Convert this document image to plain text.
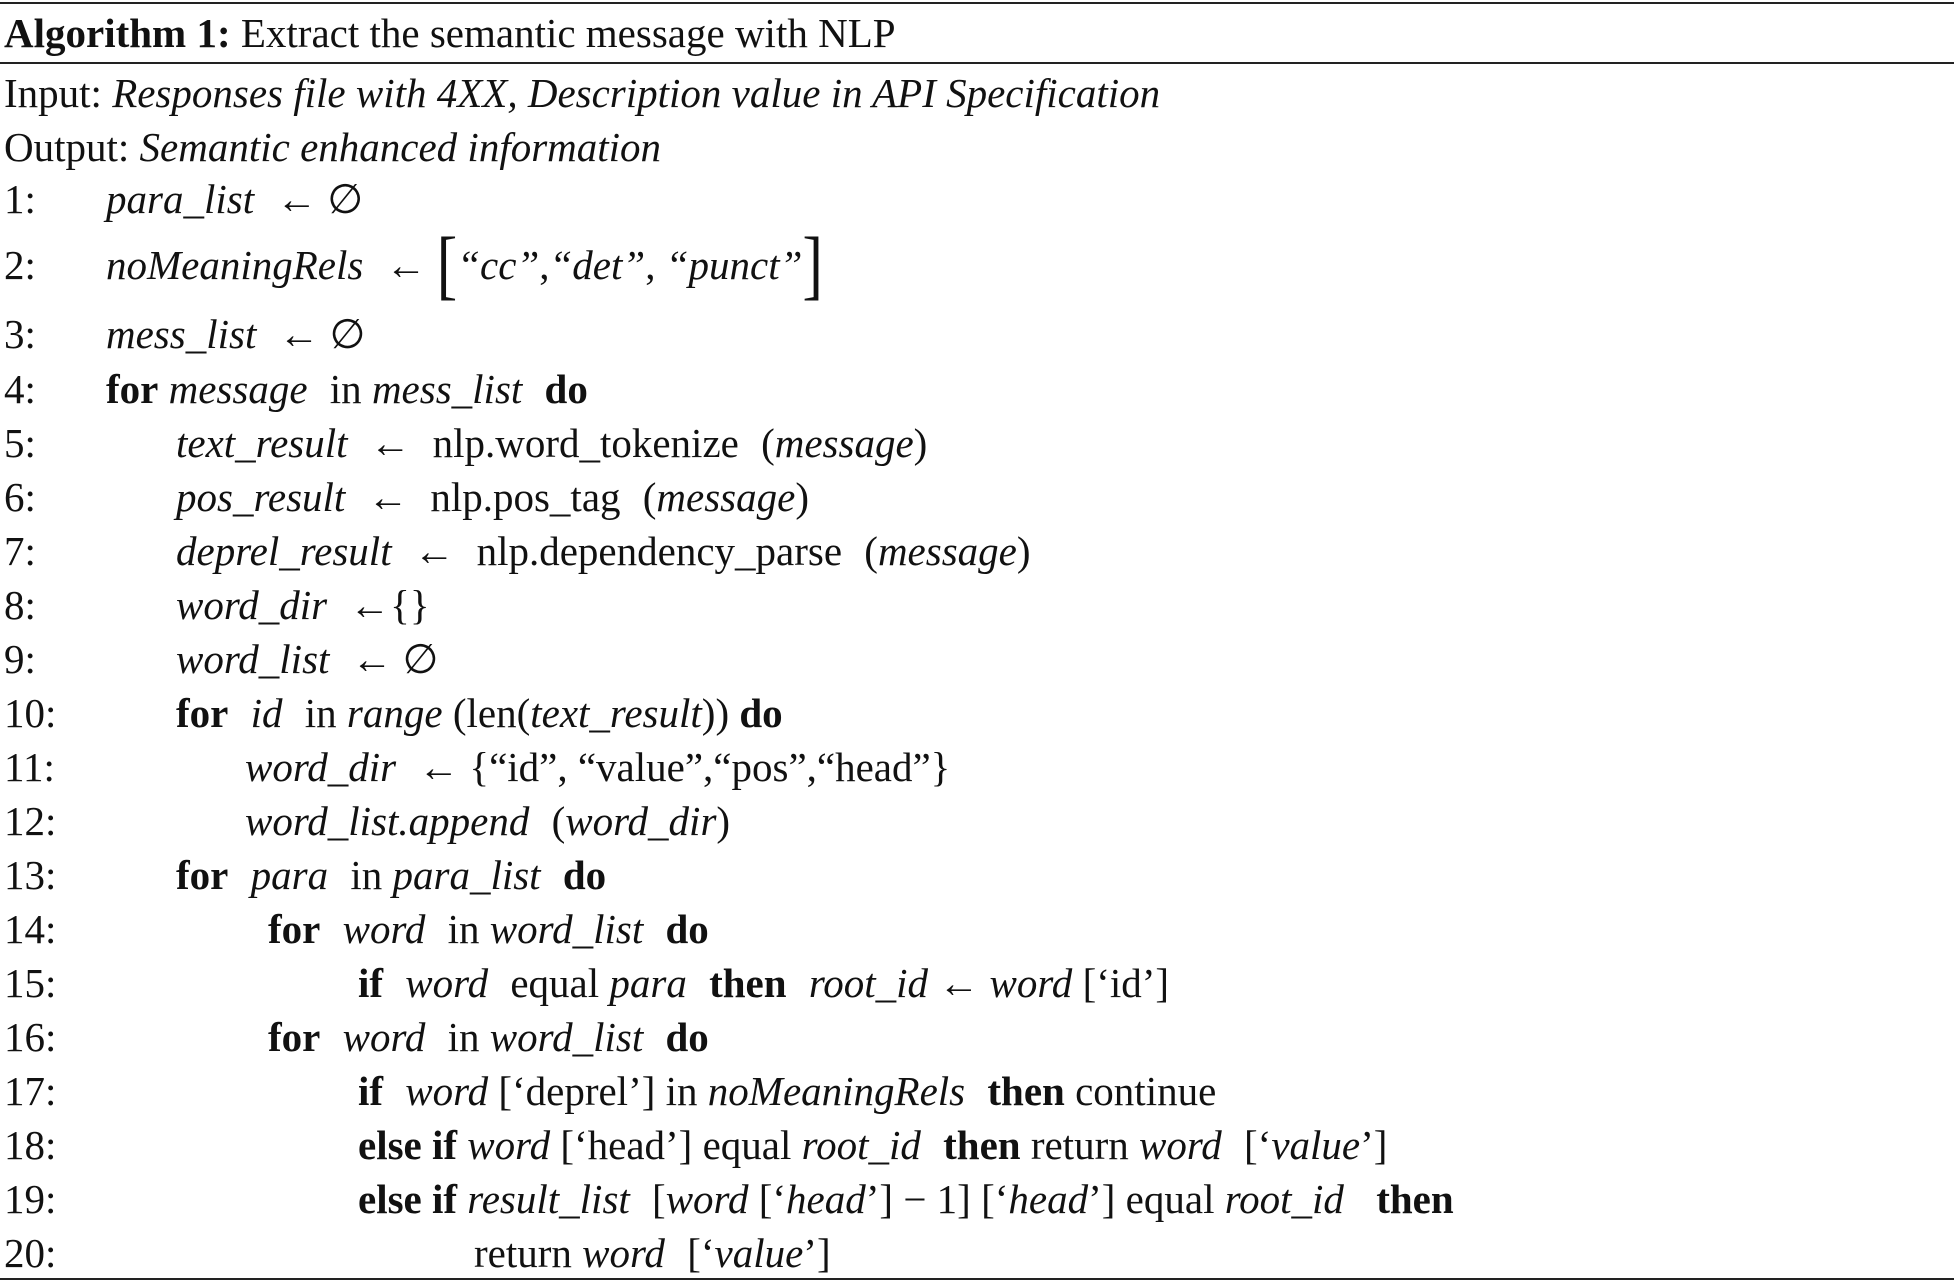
Algorithm 1: Extract the semantic message with NLP
Input: Responses file with 4XX, Description value in API Specification
Output: Semantic enhanced information
1: para_list ← ∅
2: noMeaningRels ← [“cc”,“det”, “punct”]
3: mess_list ← ∅
4: for message in mess_list do
5:	text_result ← nlp.word_tokenize (message)
6:	pos_result ← nlp.pos_tag (message)
7:	deprel_result ← nlp.dependency_parse (message)
8:	word_dir ←{}
9:	word_list ← ∅
10:	for id in range (len(text_result)) do
11:	word_dir ← {“id”, “value”,“pos”,“head”}
12:	word_list.append (word_dir)
13:	for para in para_list do
14:	for word in word_list do
15:	if word equal para then root_id ← word [‘id’]
16:	for word in word_list do
17:	if word [‘deprel’] in noMeaningRels then continue
18:	else if word [‘head’] equal root_id then return word [‘value’]
19:	else if result_list [word [‘head’] − 1] [‘head’] equal root_id then
20:	return word [‘value’]
